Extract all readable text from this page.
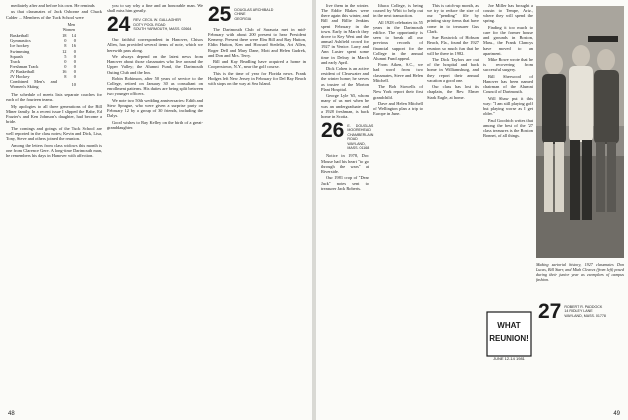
mediately after and before his own. He reminds

us that classmates of Jack Osborne and Chuck Calder ... Members of the Tuck School were

	Men Women	
Basketball	18	14
Gymnastics	0	0
Ice hockey	8	16
Swimming	12	0
Squash	5	0
Track	0	0
Freshman Track	0	0
JV Basketball	16	0
JV Hockey	8	0
Combined Men's and Women's Skiing		10

The schedule of meets lists separate coaches for each of the fourteen teams.

My apologies to all three generations of the Bill Miner family. In a recent issue I slipped the Babe, Ed Frazier's and Ken Johnson's daughter, had become a bride.

The comings and goings of the Tuck School are well reported in the class notes; Kevin and Dick, Lisa, Tony, Steve and others joined the reunion.

Among the letters from class widows this month is one from Clarence Gere. A long-time Dartmouth man, he remembers his days in Hanover with affection.

you to say why a fine and an honorable man. We shall miss him greatly.

24 REV. CECIL W. GALLAGHER
DOTY POOL ROAD
SOUTH YARMOUTH, MASS. 02664

Our faithful correspondent in Hanover, Chisos Allen, has provided several items of note, which we herewith pass along.

We always depend on the latest news from Hanover about those classmates who live around the Upper Valley; the Alumni Fund, the Dartmouth Outing Club and the Inn.

Robin Robinson, after 50 years of service to the College, retired on January 30 as consultant on enrollment patterns. His duties are being split between two younger officers.

We note two 50th wedding anniversaries: Edith and Stew Sprague, who were given a surprise party on February 12 by a group of 30 friends, including the Dalys.

Good wishes to Ray Kelley on the birth of a great-granddaughter.

25 DOUGLAS ARCHIBALD
CHINE
GEORGIA

The Dartmouth Club of Sarasota met in mid-February with about 200 present to hear President Kemeny. Present there were Elm Bill and Ray Hutton, Eldin Hutton, Ken and Howard Stedelin, Art Allen, Roger Dell and Mary Dane, Mott and Helen Gudrek, and Don and Mrs. Terry.

Bill and Kay Beadling have acquired a home in Cooperstown, N.Y., near the golf course.

This is the time of year for Florida news. Frank Hodges left New Jersey in February for Del Ray Beach with stops on the way at Sea Island.

48

live them in the winter. The Eddie Blakes were there again this winter, and Bill and Billie Jenkins spent February in the town. Early in March they drove to Key West and the annual Ashfield crowd for 1927 in Venice. Larry and Ann Luster spent some time in Delray in March and early April.

Dick Cohen is an active resident of Clearwater and the winter home; he serves as trustee of the Morton Plant Hospital.

George Lyle '65, whom many of us met when he was an undergraduate and a 1928 freshman, is back home in Scotia.

26 E. DOUGLAS MOOREHEAD
CHAMBERLAIN ROAD
WAYLAND, MASS. 01168

Notice in 1978, Doc Mouse had his heart "to go through the wars" at Riverside.

Our 1981 crop of "Dear Jack" notes sent to treasurer Jack Roberts.

Ithaca College, is being coaxed by Whit to help out in the next transaction.

All 1928 celebrates its 55 years in the Dartmouth edifice. The opportunity is seen to break all our previous records of financial support for the College in the annual Alumni Fund appeal.

From Aiken, S.C., we had word from two classmates, Steve and Helen Mitchell.

The Bob Stowells of New York report their first grandchild.

Dave and Helen Mitchell of Wellington plan a trip to Europe in June.

This is catch-up month, as we try to reduce the size of our "pending" file by printing stray items that have come in to treasurer Gus Clark.

Sue Bostwick of Hobson Beach, Fla., found the 1927 reunion so much fun that he will be there in 1982.

The Dick Taylors are out of the hospital and back home in Williamsburg, and they report their annual vacation a good one.

Our class has lost its chaplain, the Rev. Elmer Stark Eagle, at home.

Joe Miller has brought a cousin to Tempe, Ariz., where they will spend the spring.

Finding it too much to care for the former house and grounds in Boston, Mass., the Frank Clancys have moved to an apartment.

Mike Rowe wrote that he is recovering from successful surgery.

Bill Sherwood of Hanover has been named chairman of the Alumni Council of Dartmouth.

Will Shaw put it this way: "I am still playing golf but playing worse as I get older."

Paul Goodrich writes that among the best of the '27 class treasures is the Boston Bonnet, of all things.

Making sartorial history, 1927 classmates Don Lucas, Bill Starr, and Miah Cleaves (from left) posed during their junior year as exemplars of campus fashion.
WHAT
REUNION!
JUNE 12-14 1981
27 ROBERT R. PADDOCK
14 RIDLEY LANE
WAYLAND, MASS. 01778
49
